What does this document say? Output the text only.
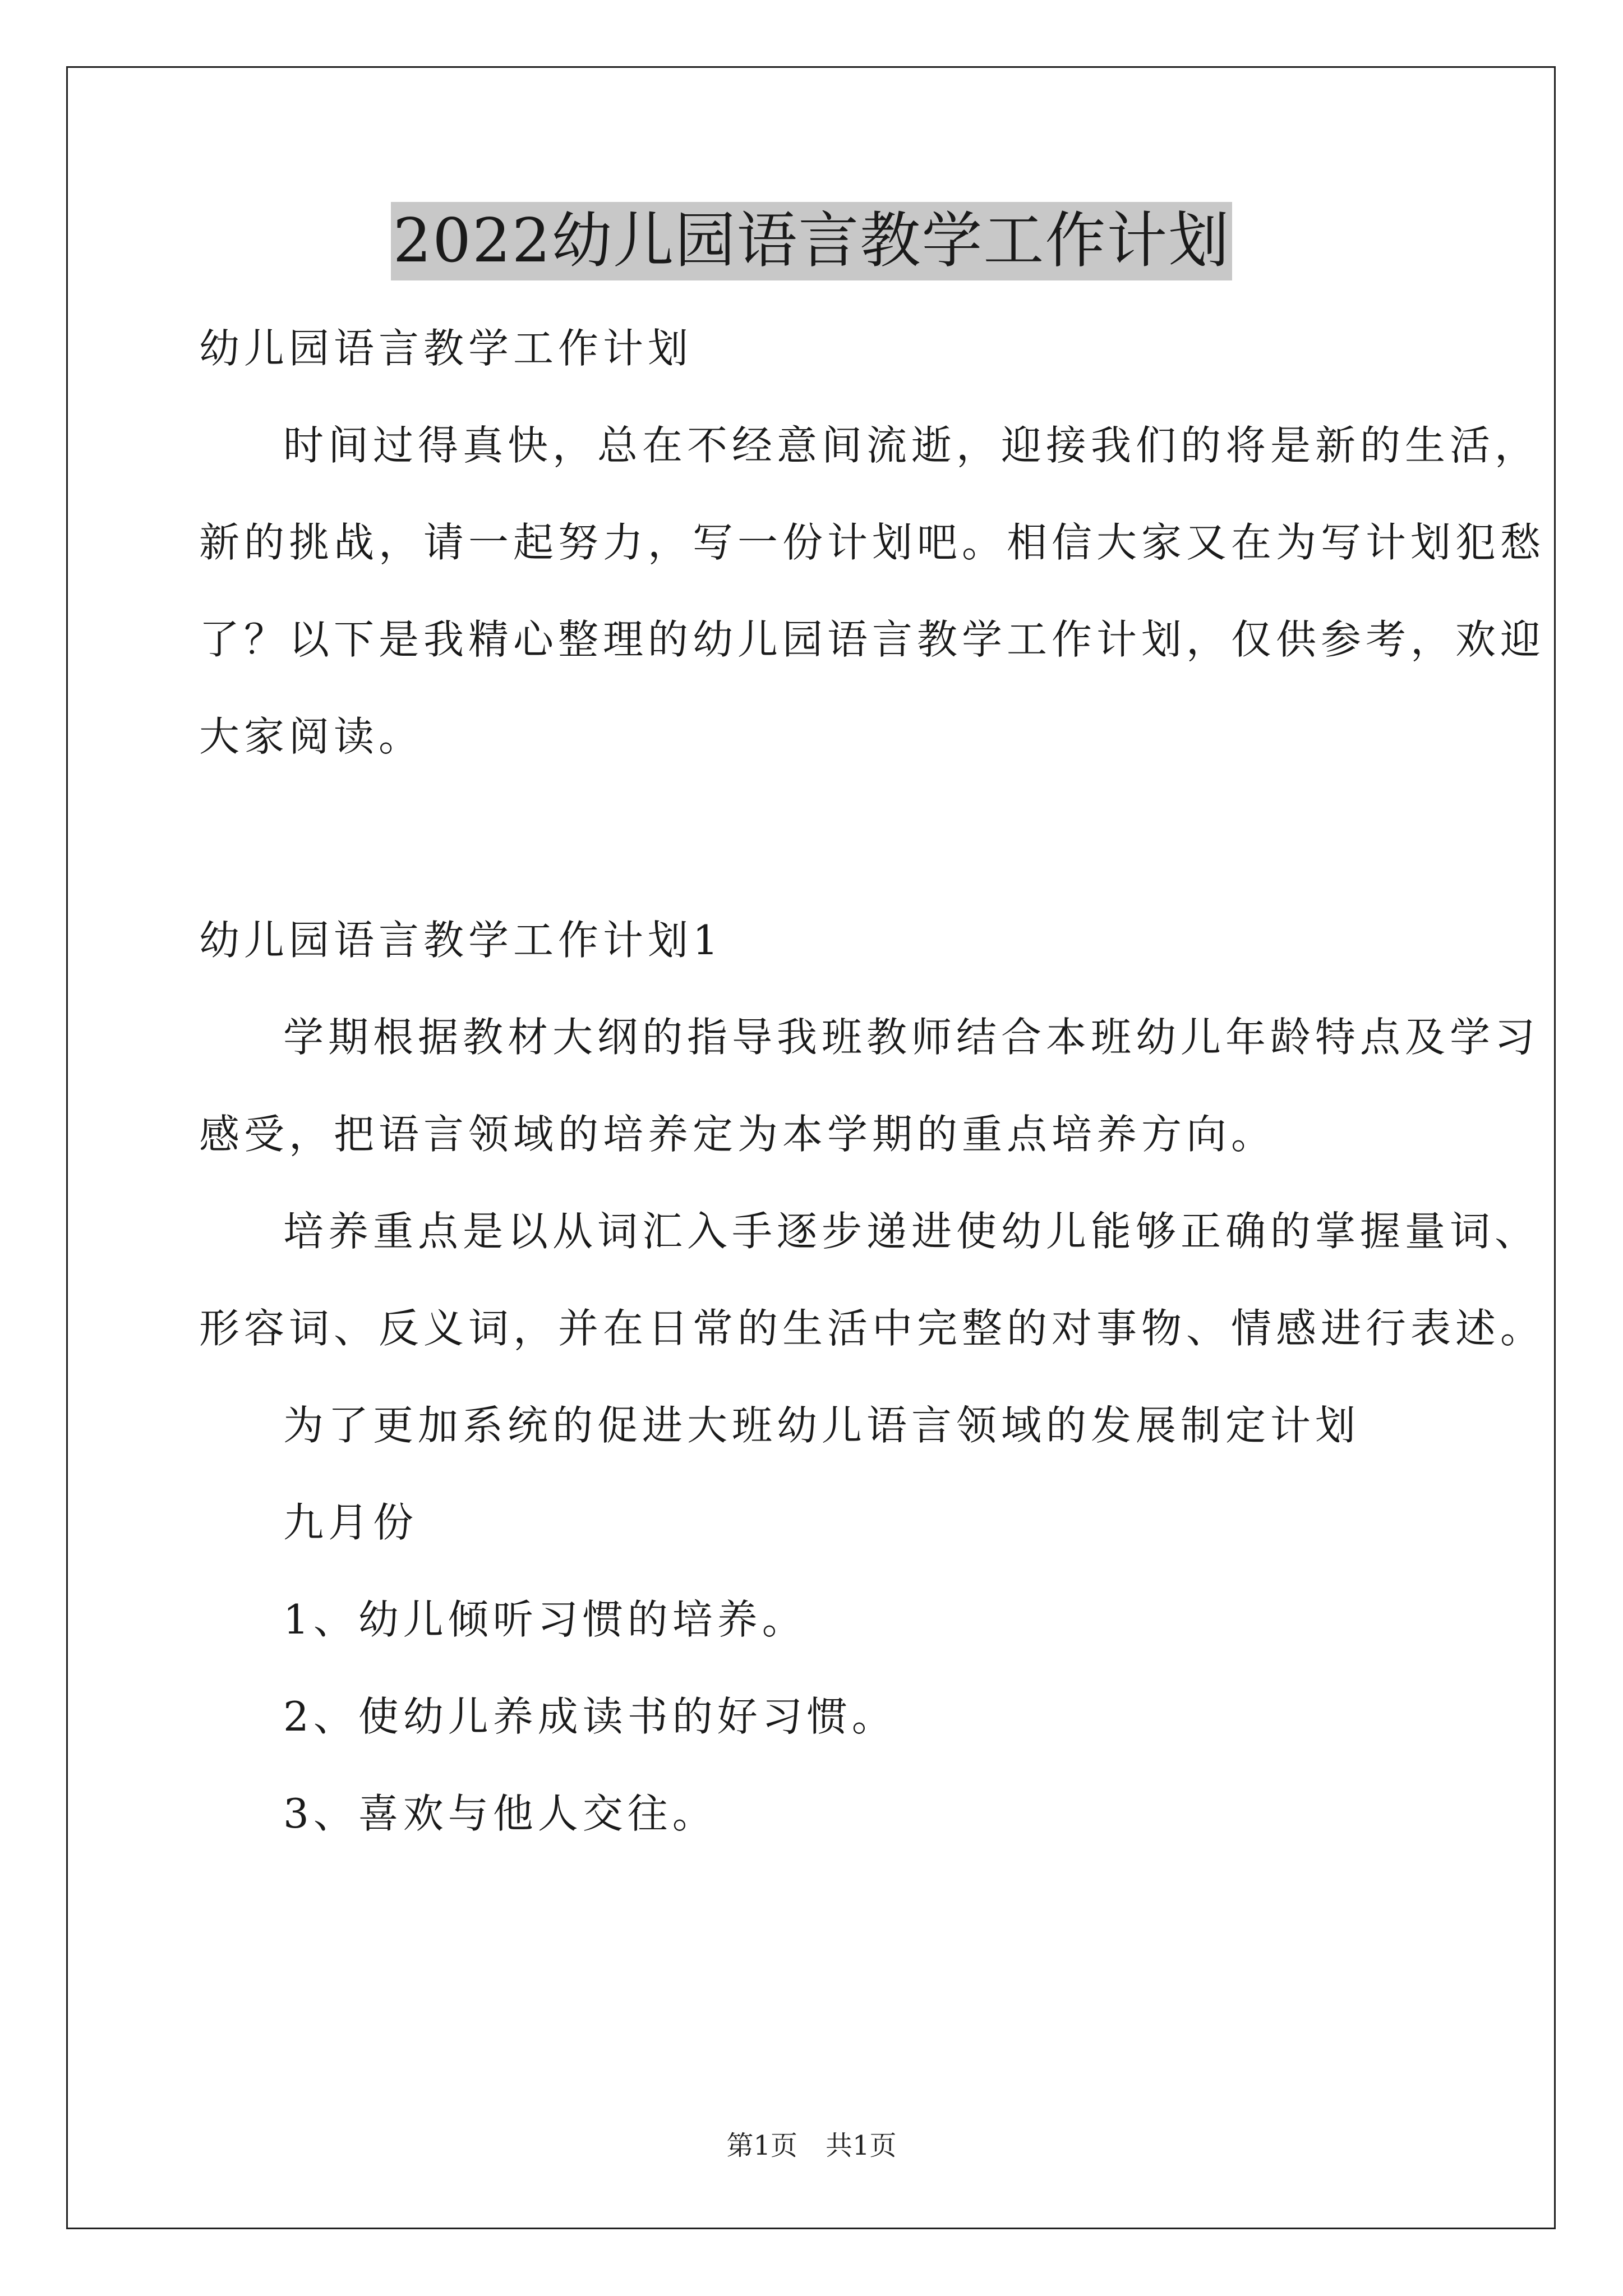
2022幼儿园语言教学工作计划
幼儿园语言教学工作计划
时间过得真快，总在不经意间流逝，迎接我们的将是新的生活，
新的挑战，请一起努力，写一份计划吧。相信大家又在为写计划犯愁
了？以下是我精心整理的幼儿园语言教学工作计划，仅供参考，欢迎
大家阅读。
幼儿园语言教学工作计划1
学期根据教材大纲的指导我班教师结合本班幼儿年龄特点及学习
感受，把语言领域的培养定为本学期的重点培养方向。
培养重点是以从词汇入手逐步递进使幼儿能够正确的掌握量词、
形容词、反义词，并在日常的生活中完整的对事物、情感进行表述。
为了更加系统的促进大班幼儿语言领域的发展制定计划
九月份
1、幼儿倾听习惯的培养。
2、使幼儿养成读书的好习惯。
3、喜欢与他人交往。
第1页 共1页
